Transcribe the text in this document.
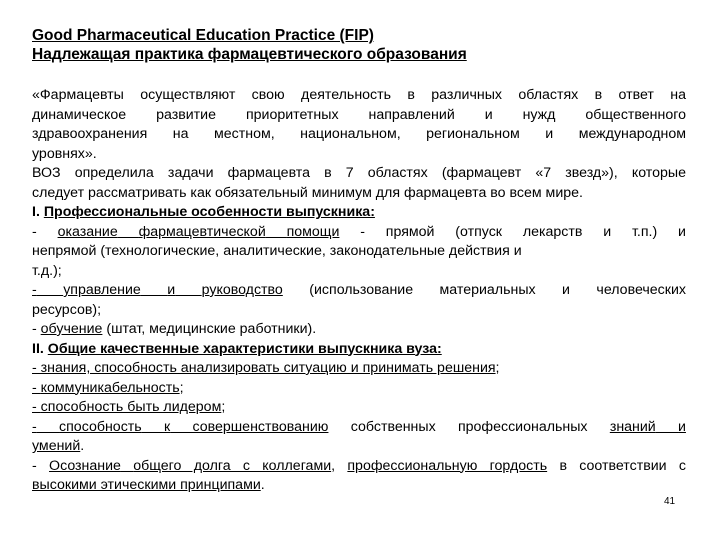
Good Pharmaceutical Education Practice (FIP)
Надлежащая практика фармацевтического образования

«Фармацевты осуществляют свою деятельность в различных областях в ответ на

динамическое развитие приоритетных направлений и нужд общественного

здравоохранения на местном, национальном, региональном и международном

уровнях».

ВОЗ определила задачи фармацевта в 7 областях (фармацевт «7 звезд»), которые

следует рассматривать как обязательный минимум для фармацевта во всем мире.

I. Профессиональные особенности выпускника:

- оказание фармацевтической помощи - прямой (отпуск лекарств и т.п.) и

непрямой (технологические, аналитические, законодательные действия и

т.д.);

- управление и руководство (использование материальных и человеческих

ресурсов);

- обучение (штат, медицинские работники).

II. Общие качественные характеристики выпускника вуза:

- знания, способность анализировать ситуацию и принимать решения;

- коммуникабельность;

- способность быть лидером;

- способность к совершенствованию собственных профессиональных знаний и

умений.

- Осознание общего долга с коллегами, профессиональную гордость в соответствии с

высокими этическими принципами.

41
